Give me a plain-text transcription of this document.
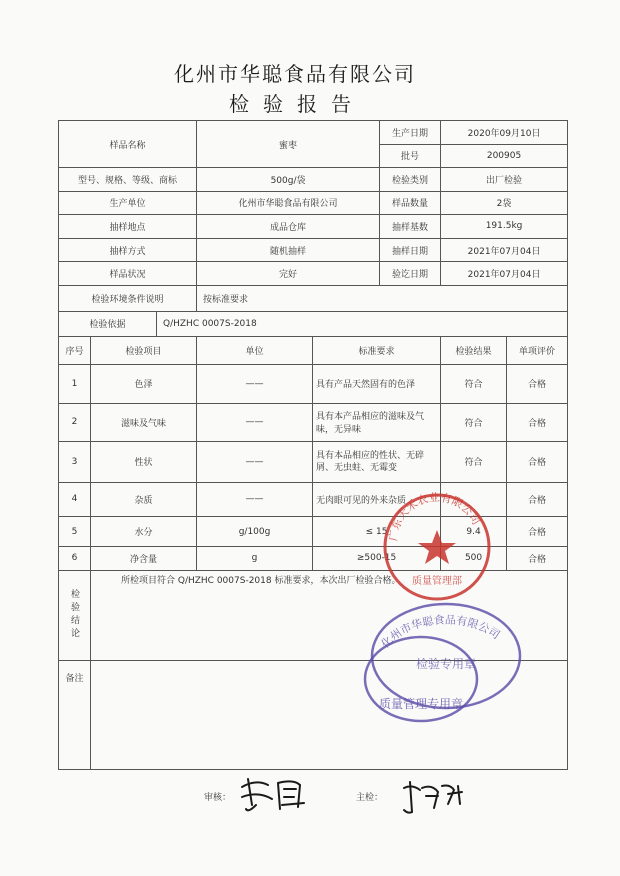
化州市华聪食品有限公司
检验报告
样品名称			蜜枣		生产日期	2020年09月10日	
					批号	200905	
型号、规格、等级、商标			500g/袋		检验类别	出厂检验	
生产单位			化州市华聪食品有限公司		样品数量	2袋	
抽样地点			成品仓库		抽样基数	191.5kg	
抽样方式			随机抽样		抽样日期	2021年07月04日	
样品状况			完好		验讫日期	2021年07月04日	
检验环境条件说明			按标准要求				
检验依据		Q/HZHC 0007S-2018					
序号	检验项目		单位	标准要求		检验结果	单项评价
1	色泽		——	具有产品天然固有的色泽		符合	合格
2	滋味及气味		——	具有本产品相应的滋味及气味，无异味		符合	合格
3	性状		——	具有本品相应的性状、无碎屑、无虫蛀、无霉变		符合	合格
4	杂质		——	无肉眼可见的外来杂质			合格
5	水分		g/100g	≤ 15		9.4	合格
6	净含量		g	≥500-15		500	合格
检验结论	所检项目符合 Q/HZHC 0007S-2018 标准要求，本次出厂检验合格。						
备注							
审核：	主检：
广东天禾农业有限公司
质量管理部
化州市华聪食品有限公司
检验专用章
质量管理专用章
